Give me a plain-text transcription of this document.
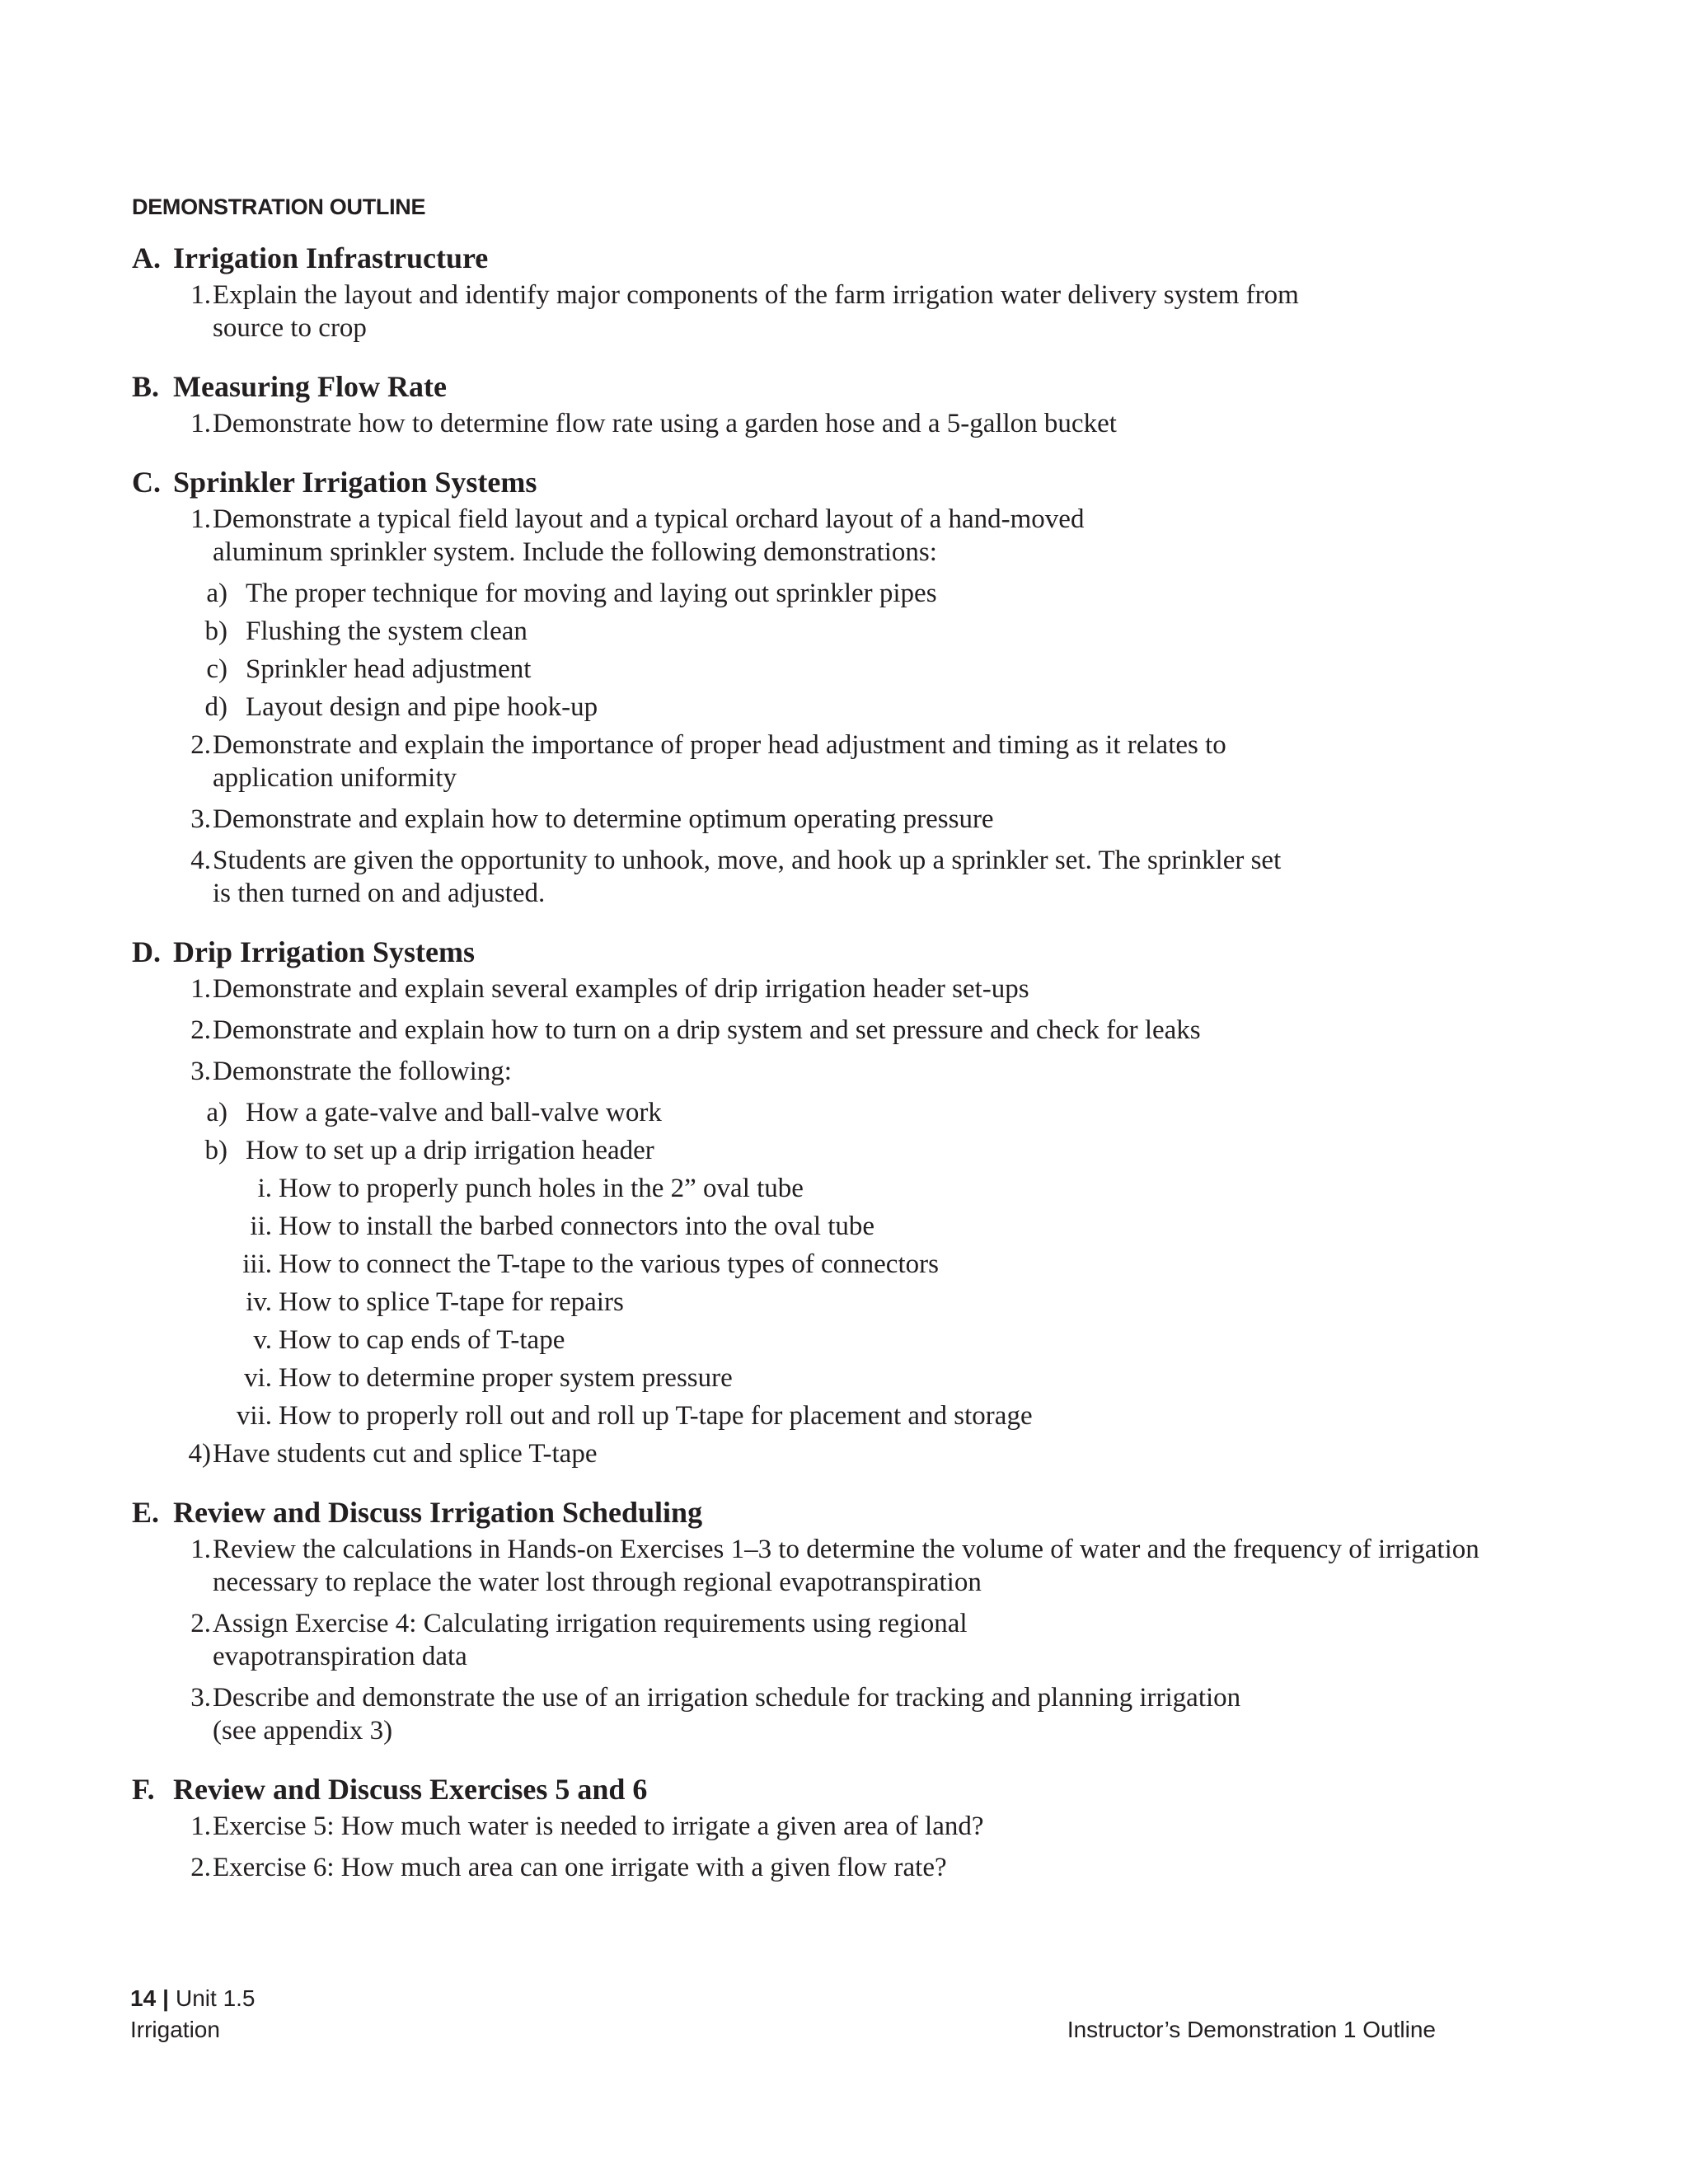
DEMONSTRATION OUTLINE
A. Irrigation Infrastructure
1. Explain the layout and identify major components of the farm irrigation water delivery system from source to crop
B. Measuring Flow Rate
1. Demonstrate how to determine flow rate using a garden hose and a 5-gallon bucket
C. Sprinkler Irrigation Systems
1. Demonstrate a typical field layout and a typical orchard layout of a hand-moved aluminum sprinkler system. Include the following demonstrations:
a) The proper technique for moving and laying out sprinkler pipes
b) Flushing the system clean
c) Sprinkler head adjustment
d) Layout design and pipe hook-up
2. Demonstrate and explain the importance of proper head adjustment and timing as it relates to application uniformity
3. Demonstrate and explain how to determine optimum operating pressure
4. Students are given the opportunity to unhook, move, and hook up a sprinkler set. The sprinkler set is then turned on and adjusted.
D. Drip Irrigation Systems
1. Demonstrate and explain several examples of drip irrigation header set-ups
2. Demonstrate and explain how to turn on a drip system and set pressure and check for leaks
3. Demonstrate the following:
a) How a gate-valve and ball-valve work
b) How to set up a drip irrigation header
i. How to properly punch holes in the 2” oval tube
ii. How to install the barbed connectors into the oval tube
iii. How to connect the T-tape to the various types of connectors
iv. How to splice T-tape for repairs
v. How to cap ends of T-tape
vi. How to determine proper system pressure
vii. How to properly roll out and roll up T-tape for placement and storage
4) Have students cut and splice T-tape
E. Review and Discuss Irrigation Scheduling
1. Review the calculations in Hands-on Exercises 1–3 to determine the volume of water and the frequency of irrigation necessary to replace the water lost through regional evapotranspiration
2. Assign Exercise 4: Calculating irrigation requirements using regional evapotranspiration data
3. Describe and demonstrate the use of an irrigation schedule for tracking and planning irrigation (see appendix 3)
F. Review and Discuss Exercises 5 and 6
1. Exercise 5: How much water is needed to irrigate a given area of land?
2. Exercise 6: How much area can one irrigate with a given flow rate?
14 | Unit 1.5
Irrigation	Instructor’s Demonstration 1 Outline
